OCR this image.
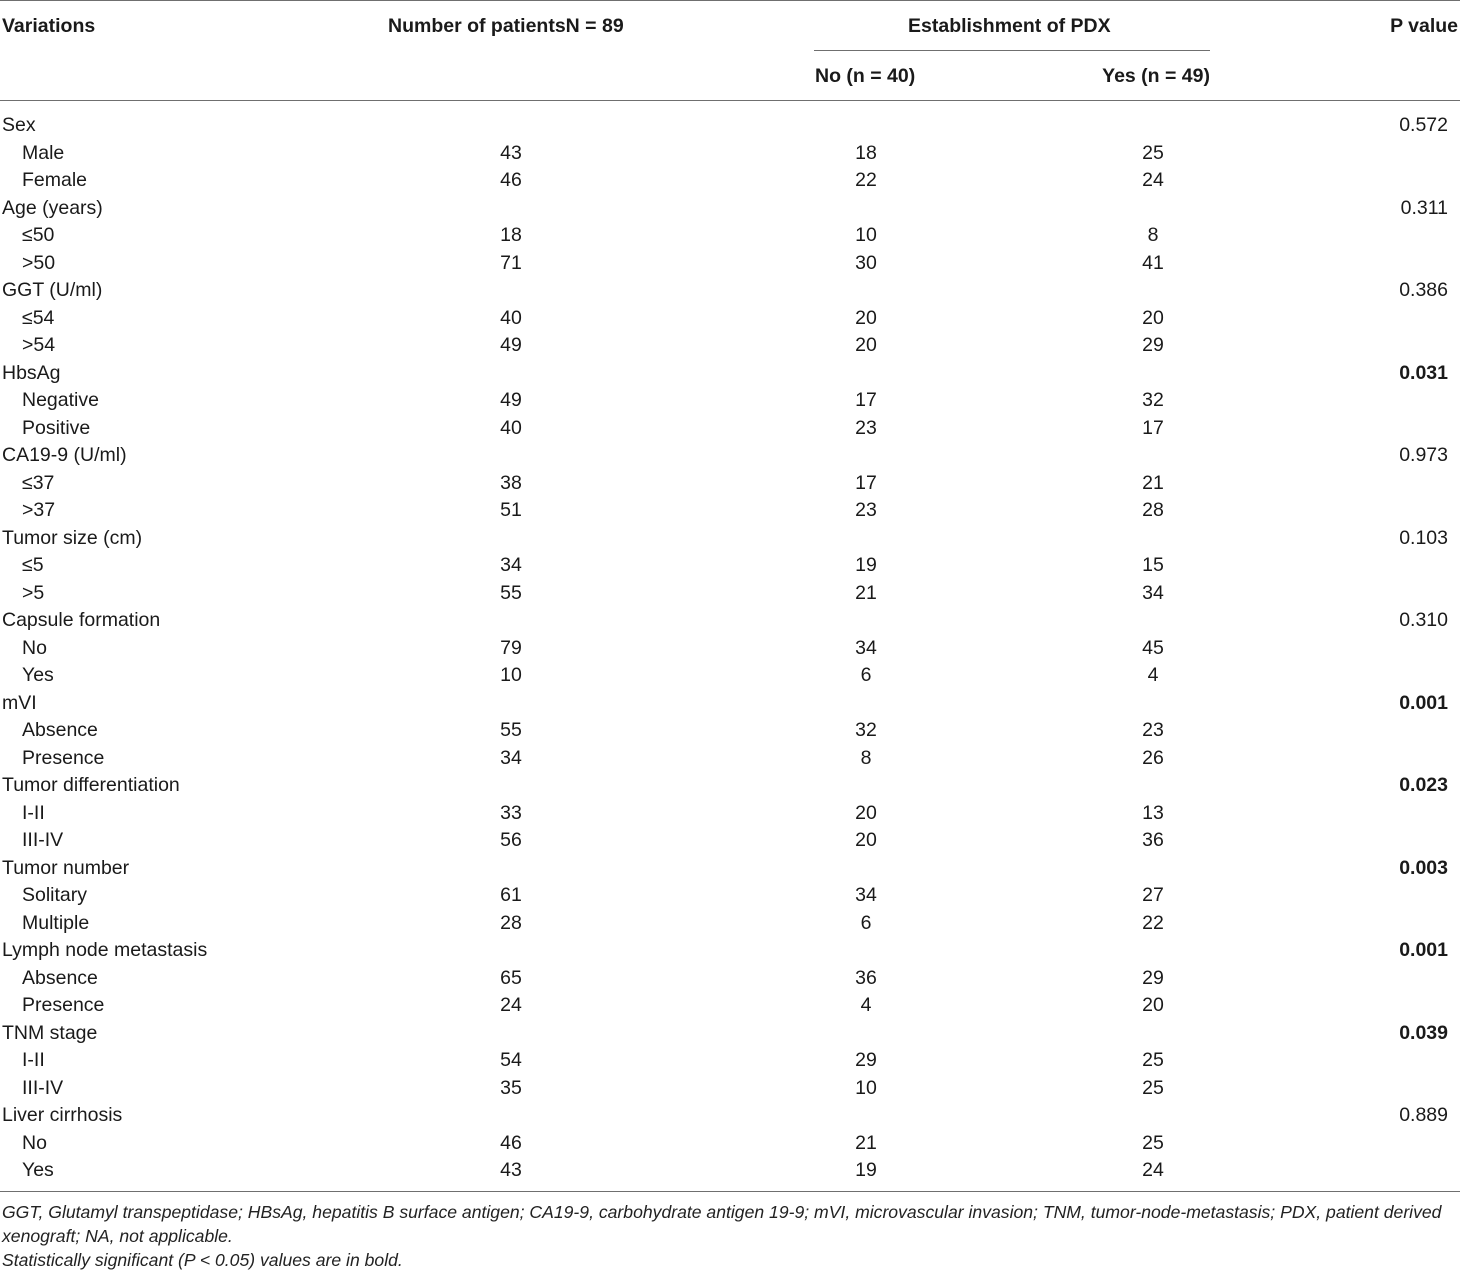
Variations	Number of patientsN = 89	Establishment of PDX	P value
No (n = 40)	Yes (n = 49)
Sex	0.572
Male	43	18	25
Female	46	22	24
Age (years)	0.311
≤50	18	10	8
>50	71	30	41
GGT (U/ml)	0.386
≤54	40	20	20
>54	49	20	29
HbsAg	0.031
Negative	49	17	32
Positive	40	23	17
CA19-9 (U/ml)	0.973
≤37	38	17	21
>37	51	23	28
Tumor size (cm)	0.103
≤5	34	19	15
>5	55	21	34
Capsule formation	0.310
No	79	34	45
Yes	10	6	4
mVI	0.001
Absence	55	32	23
Presence	34	8	26
Tumor differentiation	0.023
I-II	33	20	13
III-IV	56	20	36
Tumor number	0.003
Solitary	61	34	27
Multiple	28	6	22
Lymph node metastasis	0.001
Absence	65	36	29
Presence	24	4	20
TNM stage	0.039
I-II	54	29	25
III-IV	35	10	25
Liver cirrhosis	0.889
No	46	21	25
Yes	43	19	24

GGT, Glutamyl transpeptidase; HBsAg, hepatitis B surface antigen; CA19-9, carbohydrate antigen 19-9; mVI, microvascular invasion; TNM, tumor-node-metastasis; PDX, patient derived xenograft; NA, not applicable.

Statistically significant (P < 0.05) values are in bold.
